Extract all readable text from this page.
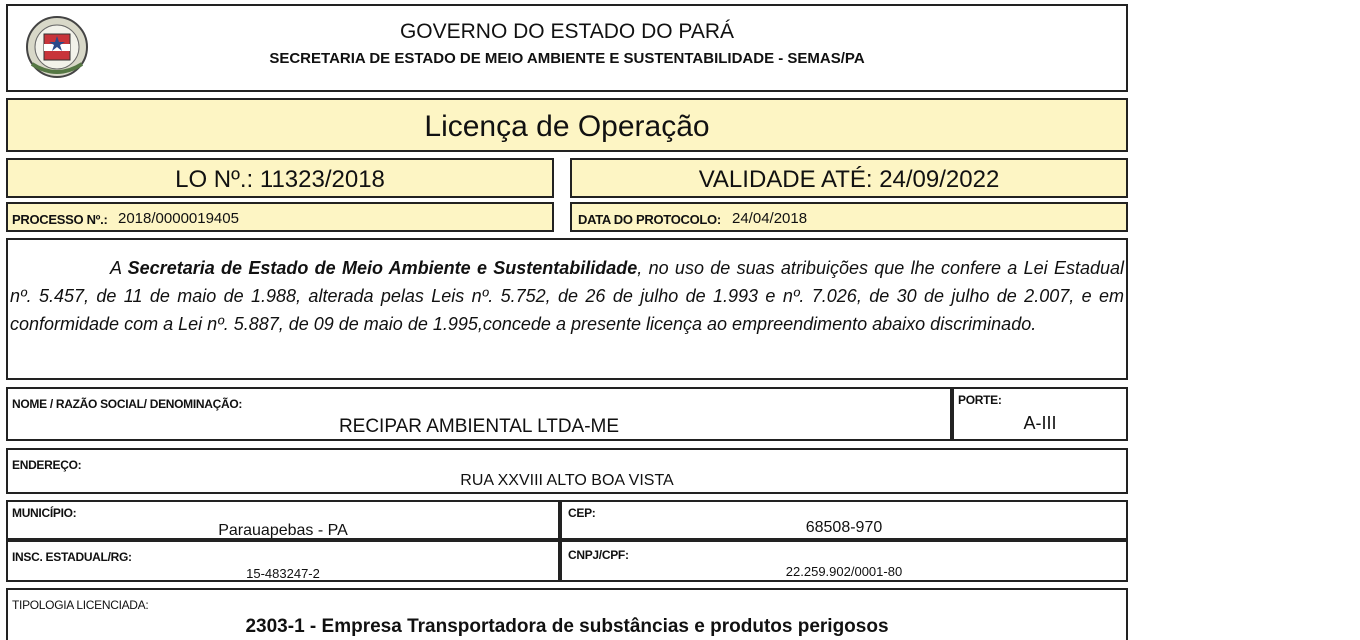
GOVERNO DO ESTADO DO PARÁ
SECRETARIA DE ESTADO DE MEIO AMBIENTE E SUSTENTABILIDADE - SEMAS/PA
Licença de Operação
LO Nº.: 11323/2018	VALIDADE ATÉ: 24/09/2022
PROCESSO Nº.: 2018/0000019405	DATA DO PROTOCOLO: 24/04/2018

A Secretaria de Estado de Meio Ambiente e Sustentabilidade, no uso de suas atribuições que lhe confere a Lei Estadual nº. 5.457, de 11 de maio de 1.988, alterada pelas Leis nº. 5.752, de 26 de julho de 1.993 e nº. 7.026, de 30 de julho de 2.007, e em conformidade com a Lei nº. 5.887, de 09 de maio de 1.995,concede a presente licença ao empreendimento abaixo discriminado.

NOME / RAZÃO SOCIAL/ DENOMINAÇÃO:
RECIPAR AMBIENTAL LTDA-ME
PORTE:
A-III
ENDEREÇO:
RUA XXVIII ALTO BOA VISTA
MUNICÍPIO:
Parauapebas - PA
CEP:
68508-970
INSC. ESTADUAL/RG:
15-483247-2
CNPJ/CPF:
22.259.902/0001-80
TIPOLOGIA LICENCIADA:
2303-1 - Empresa Transportadora de substâncias e produtos perigosos
